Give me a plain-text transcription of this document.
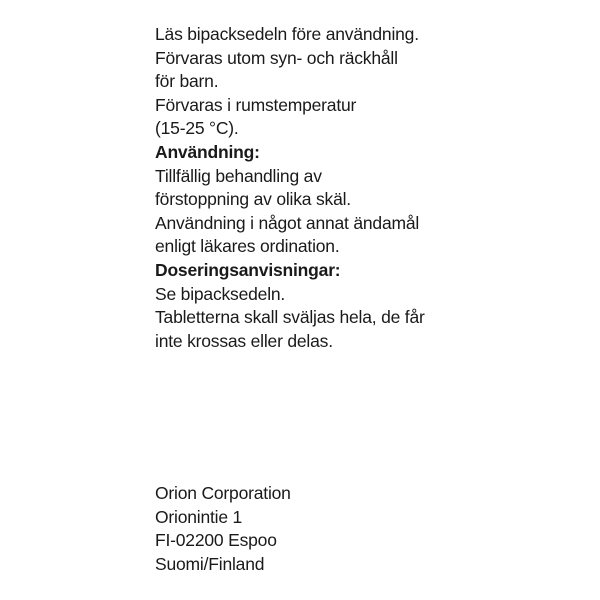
Läs bipacksedeln före användning.
Förvaras utom syn- och räckhåll
för barn.
Förvaras i rumstemperatur
(15-25 °C).
Användning:
Tillfällig behandling av
förstoppning av olika skäl.
Användning i något annat ändamål
enligt läkares ordination.
Doseringsanvisningar:
Se bipacksedeln.
Tabletterna skall sväljas hela, de får
inte krossas eller delas.
Orion Corporation
Orionintie 1
FI-02200 Espoo
Suomi/Finland
